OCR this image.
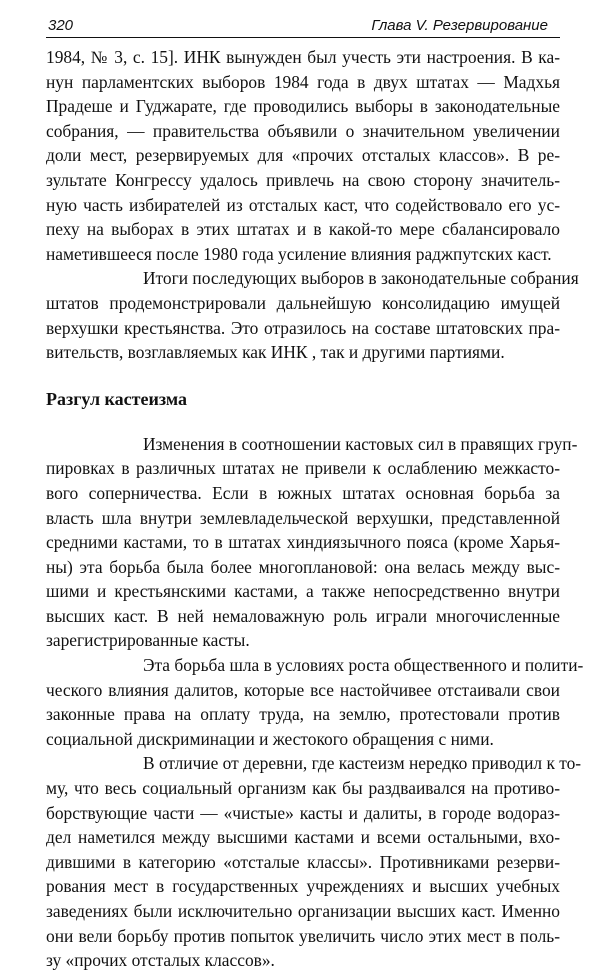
320	Глава V. Резервирование
1984, № 3, с. 15]. ИНК вынужден был учесть эти настроения. В ка-
нун парламентских выборов 1984 года в двух штатах — Мадхья
Прадеше и Гуджарате, где проводились выборы в законодательные
собрания, — правительства объявили о значительном увеличении
доли мест, резервируемых для «прочих отсталых классов». В ре-
зультате Конгрессу удалось привлечь на свою сторону значитель-
ную часть избирателей из отсталых каст, что содействовало его ус-
пеху на выборах в этих штатах и в какой-то мере сбалансировало
наметившееся после 1980 года усиление влияния раджпутских каст.
Итоги последующих выборов в законодательные собрания
штатов продемонстрировали дальнейшую консолидацию имущей
верхушки крестьянства. Это отразилось на составе штатовских пра-
вительств, возглавляемых как ИНК , так и другими партиями.
Разгул кастеизма
Изменения в соотношении кастовых сил в правящих груп-
пировках в различных штатах не привели к ослаблению межкасто-
вого соперничества. Если в южных штатах основная борьба за
власть шла внутри землевладельческой верхушки, представленной
средними кастами, то в штатах хиндиязычного пояса (кроме Харья-
ны) эта борьба была более многоплановой: она велась между выс-
шими и крестьянскими кастами, а также непосредственно внутри
высших каст. В ней немаловажную роль играли многочисленные
зарегистрированные касты.
Эта борьба шла в условиях роста общественного и полити-
ческого влияния далитов, которые все настойчивее отстаивали свои
законные права на оплату труда, на землю, протестовали против
социальной дискриминации и жестокого обращения с ними.
В отличие от деревни, где кастеизм нередко приводил к то-
му, что весь социальный организм как бы раздваивался на противо-
борствующие части — «чистые» касты и далиты, в городе водораз-
дел наметился между высшими кастами и всеми остальными, вхо-
дившими в категорию «отсталые классы». Противниками резерви-
рования мест в государственных учреждениях и высших учебных
заведениях были исключительно организации высших каст. Именно
они вели борьбу против попыток увеличить число этих мест в поль-
зу «прочих отсталых классов».
